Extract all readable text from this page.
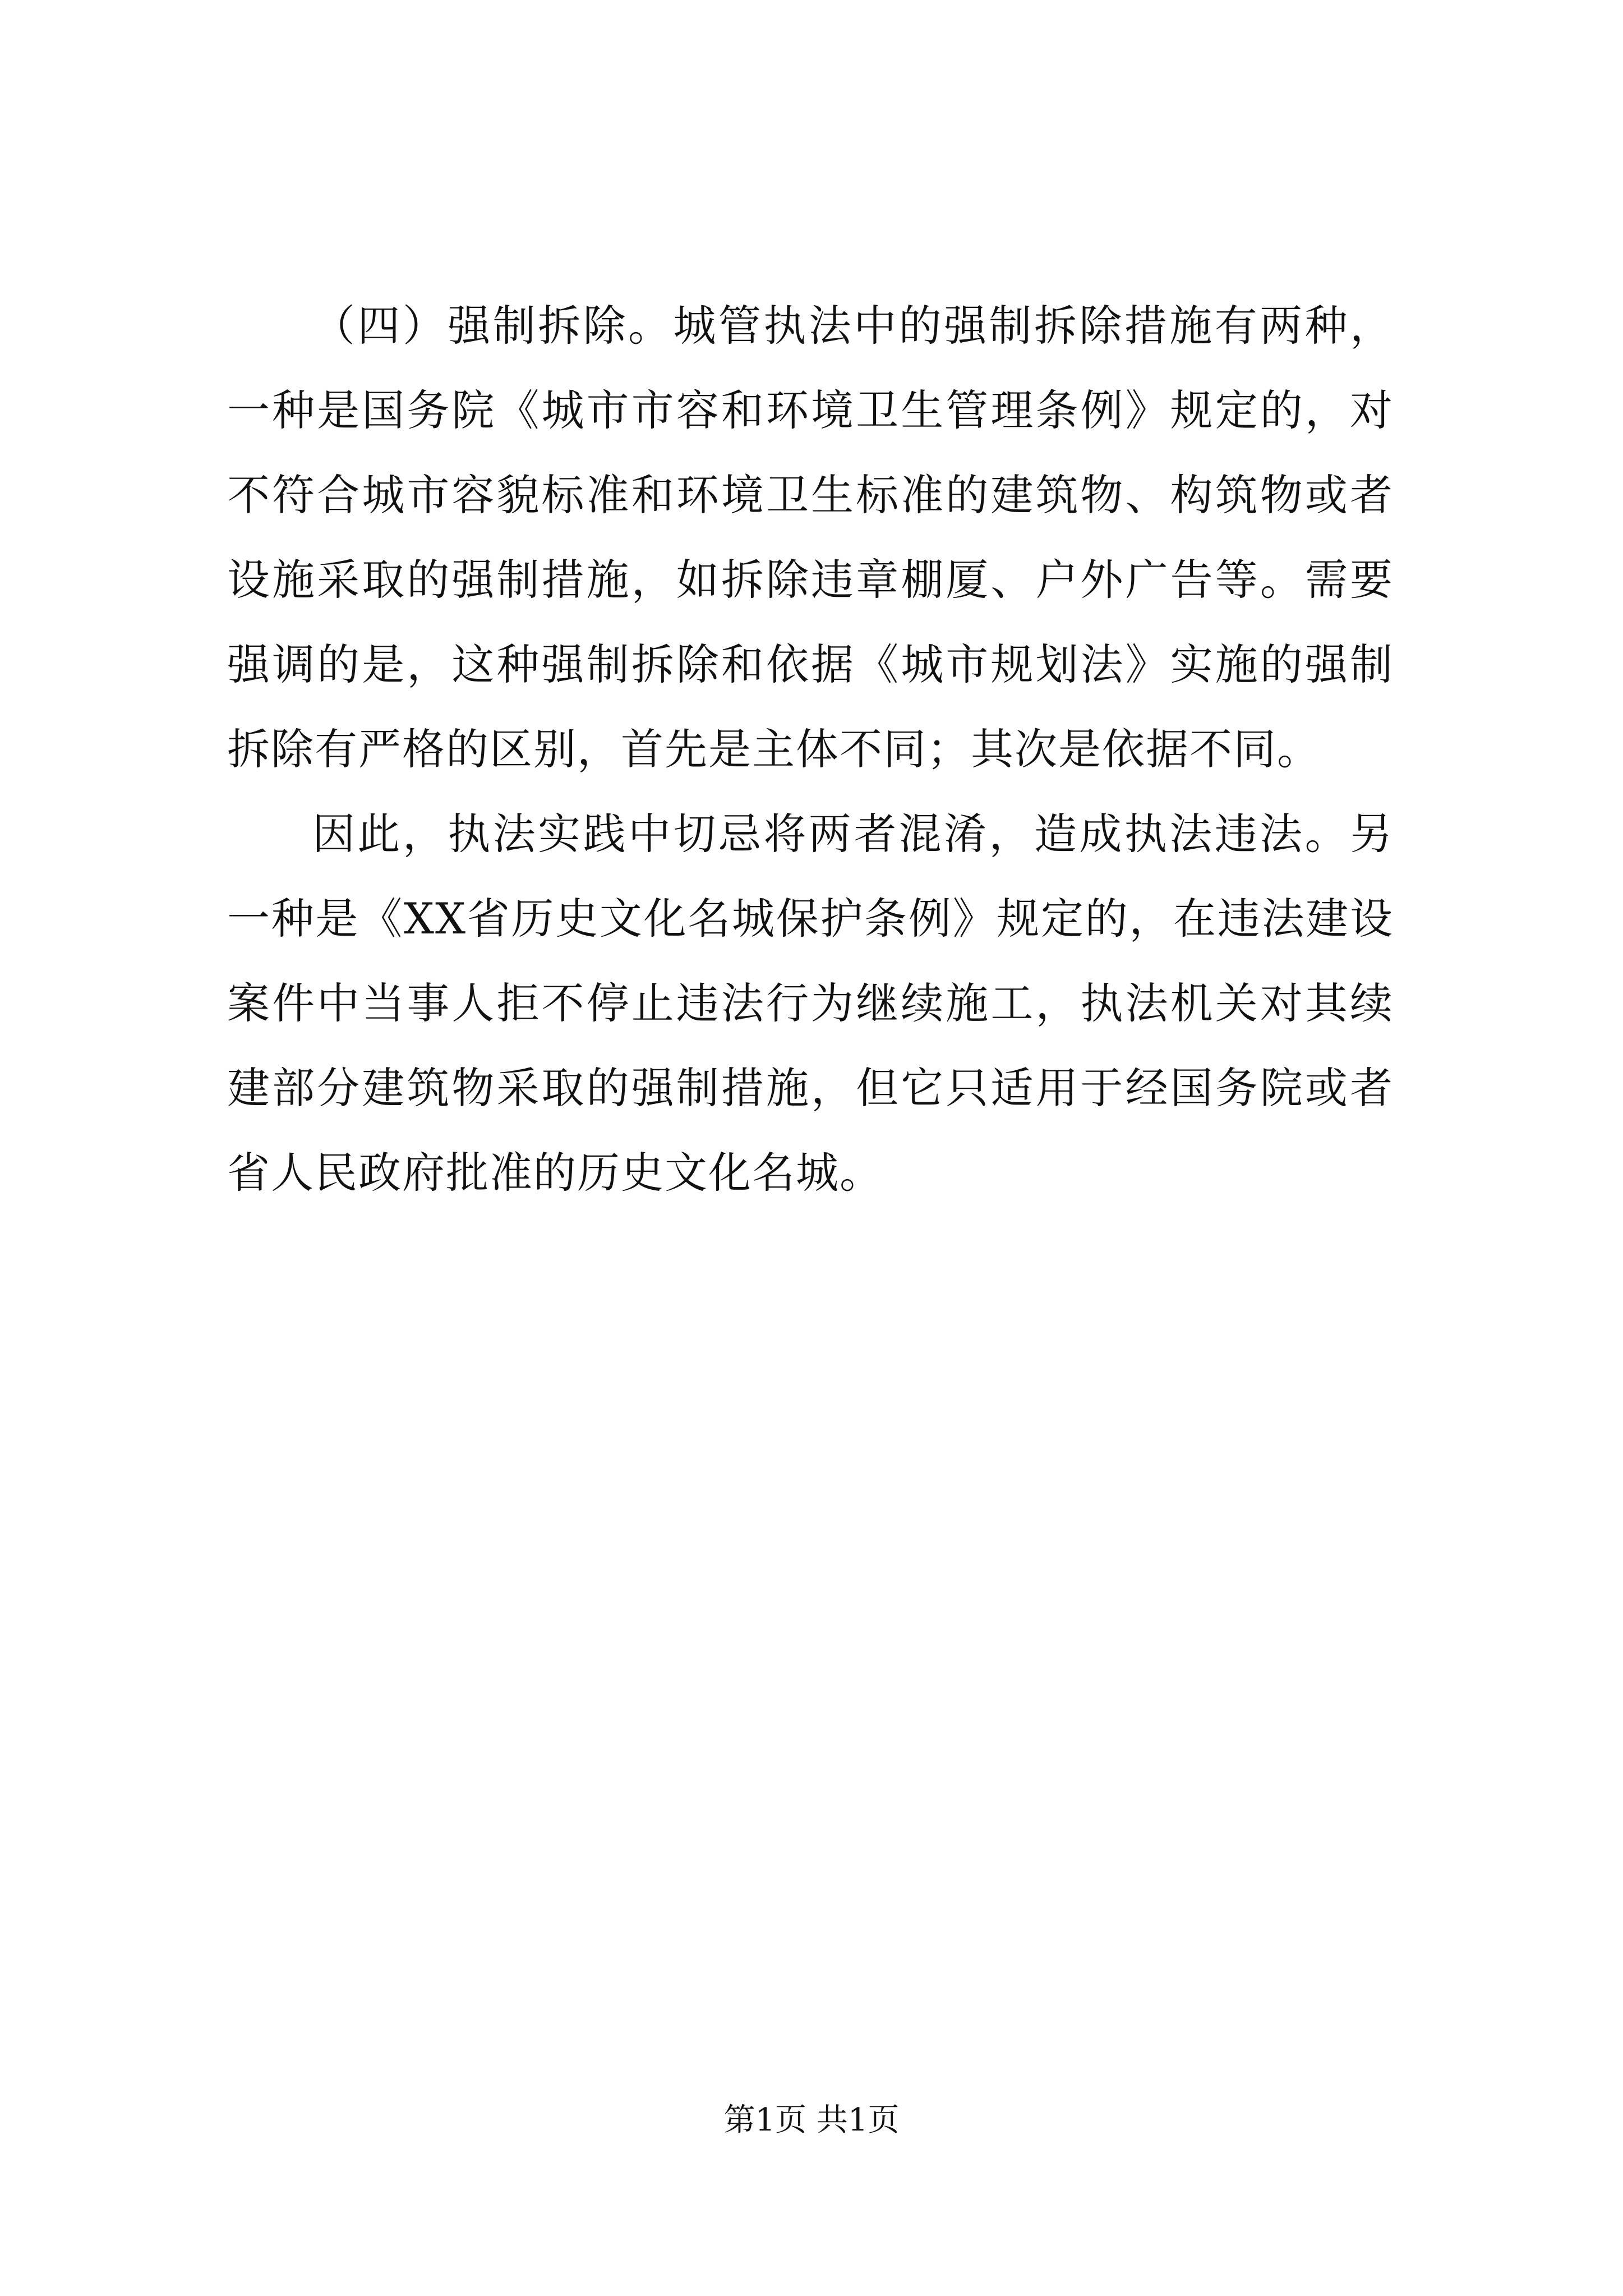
（四）强制拆除。城管执法中的强制拆除措施有两种，一种是国务院《城市市容和环境卫生管理条例》规定的，对不符合城市容貌标准和环境卫生标准的建筑物、构筑物或者设施采取的强制措施，如拆除违章棚厦、户外广告等。需要强调的是，这种强制拆除和依据《城市规划法》实施的强制拆除有严格的区别，首先是主体不同；其次是依据不同。

因此，执法实践中切忌将两者混淆，造成执法违法。另一种是《XX省历史文化名城保护条例》规定的，在违法建设案件中当事人拒不停止违法行为继续施工，执法机关对其续建部分建筑物采取的强制措施，但它只适用于经国务院或者省人民政府批准的历史文化名城。

第1页 共1页
